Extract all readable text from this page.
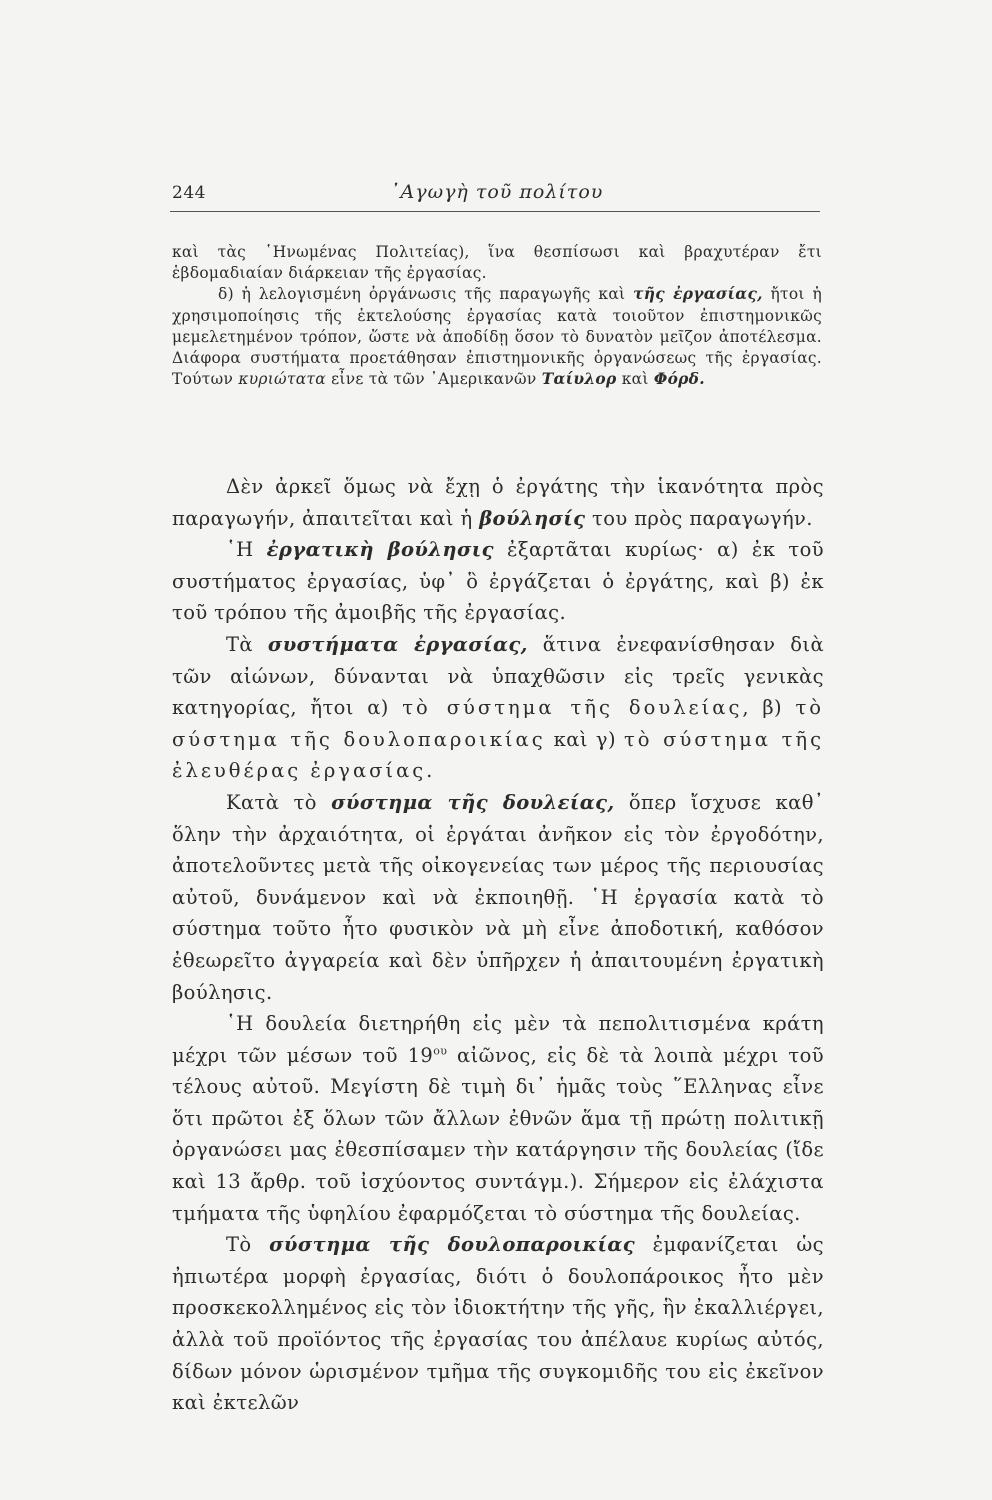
244	᾿Αγωγὴ τοῦ πολίτου

καὶ τὰς ῾Ηνωμένας Πολιτείας), ἵνα θεσπίσωσι καὶ βραχυτέραν ἔτι ἑβδομαδιαίαν διάρκειαν τῆς ἐργασίας.

δ) ἡ λελογισμένη ὀργάνωσις τῆς παραγωγῆς καὶ τῆς ἐργασίας, ἤτοι ἡ χρησιμοποίησις τῆς ἐκτελούσης ἐργασίας κατὰ τοιοῦτον ἐπιστημονικῶς μεμελετημένον τρόπον, ὥστε νὰ ἀποδίδῃ ὅσον τὸ δυνατὸν μεῖζον ἀποτέλεσμα. Διάφορα συστήματα προετάθησαν ἐπιστημονικῆς ὀργανώσεως τῆς ἐργασίας. Τούτων κυριώτατα εἶνε τὰ τῶν ᾿Αμερικανῶν Ταίυλορ καὶ Φόρδ.

Δὲν ἀρκεῖ ὅμως νὰ ἔχῃ ὁ ἐργάτης τὴν ἱκανότητα πρὸς παραγωγήν, ἀπαιτεῖται καὶ ἡ βούλησίς του πρὸς παραγωγήν.

῾Η ἐργατικὴ βούλησις ἐξαρτᾶται κυρίως· α) ἐκ τοῦ συστήματος ἐργασίας, ὑφ᾿ ὃ ἐργάζεται ὁ ἐργάτης, καὶ β) ἐκ τοῦ τρόπου τῆς ἀμοιβῆς τῆς ἐργασίας.

Τὰ συστήματα ἐργασίας, ἅτινα ἐνεφανίσθησαν διὰ τῶν αἰώνων, δύνανται νὰ ὑπαχθῶσιν εἰς τρεῖς γενικὰς κατηγορίας, ἤτοι α) τὸ σύστημα τῆς δουλείας, β) τὸ σύστημα τῆς δουλοπαροικίας καὶ γ) τὸ σύστημα τῆς ἐλευθέρας ἐργασίας.

Κατὰ τὸ σύστημα τῆς δουλείας, ὅπερ ἴσχυσε καθ᾿ ὅλην τὴν ἀρχαιότητα, οἱ ἐργάται ἀνῆκον εἰς τὸν ἐργοδότην, ἀποτελοῦντες μετὰ τῆς οἰκογενείας των μέρος τῆς περιουσίας αὐτοῦ, δυνάμενον καὶ νὰ ἐκποιηθῇ. ῾Η ἐργασία κατὰ τὸ σύστημα τοῦτο ἦτο φυσικὸν νὰ μὴ εἶνε ἀποδοτική, καθόσον ἐθεωρεῖτο ἀγγαρεία καὶ δὲν ὑπῆρχεν ἡ ἀπαιτουμένη ἐργατικὴ βούλησις.

῾Η δουλεία διετηρήθη εἰς μὲν τὰ πεπολιτισμένα κράτη μέχρι τῶν μέσων τοῦ $19^{o\upsilon}$ αἰῶνος, εἰς δὲ τὰ λοιπὰ μέχρι τοῦ τέλους αὐτοῦ. Μεγίστη δὲ τιμὴ δι᾿ ἡμᾶς τοὺς ῞Ελληνας εἶνε ὅτι πρῶτοι ἐξ ὅλων τῶν ἄλλων ἐθνῶν ἅμα τῇ πρώτῃ πολιτικῇ ὀργανώσει μας ἐθεσπίσαμεν τὴν κατάργησιν τῆς δουλείας (ἴδε καὶ 13 ἄρθρ. τοῦ ἰσχύοντος συντάγμ.). Σήμερον εἰς ἐλάχιστα τμήματα τῆς ὑφηλίου ἐφαρμόζεται τὸ σύστημα τῆς δουλείας.

Τὸ σύστημα τῆς δουλοπαροικίας ἐμφανίζεται ὡς ἠπιωτέρα μορφὴ ἐργασίας, διότι ὁ δουλοπάροικος ἦτο μὲν προσκεκολλημένος εἰς τὸν ἰδιοκτήτην τῆς γῆς, ἣν ἐκαλλιέργει, ἀλλὰ τοῦ προϊόντος τῆς ἐργασίας του ἀπέλαυε κυρίως αὐτός, δίδων μόνον ὡρισμένον τμῆμα τῆς συγκομιδῆς του εἰς ἐκεῖνον καὶ ἐκτελῶν
